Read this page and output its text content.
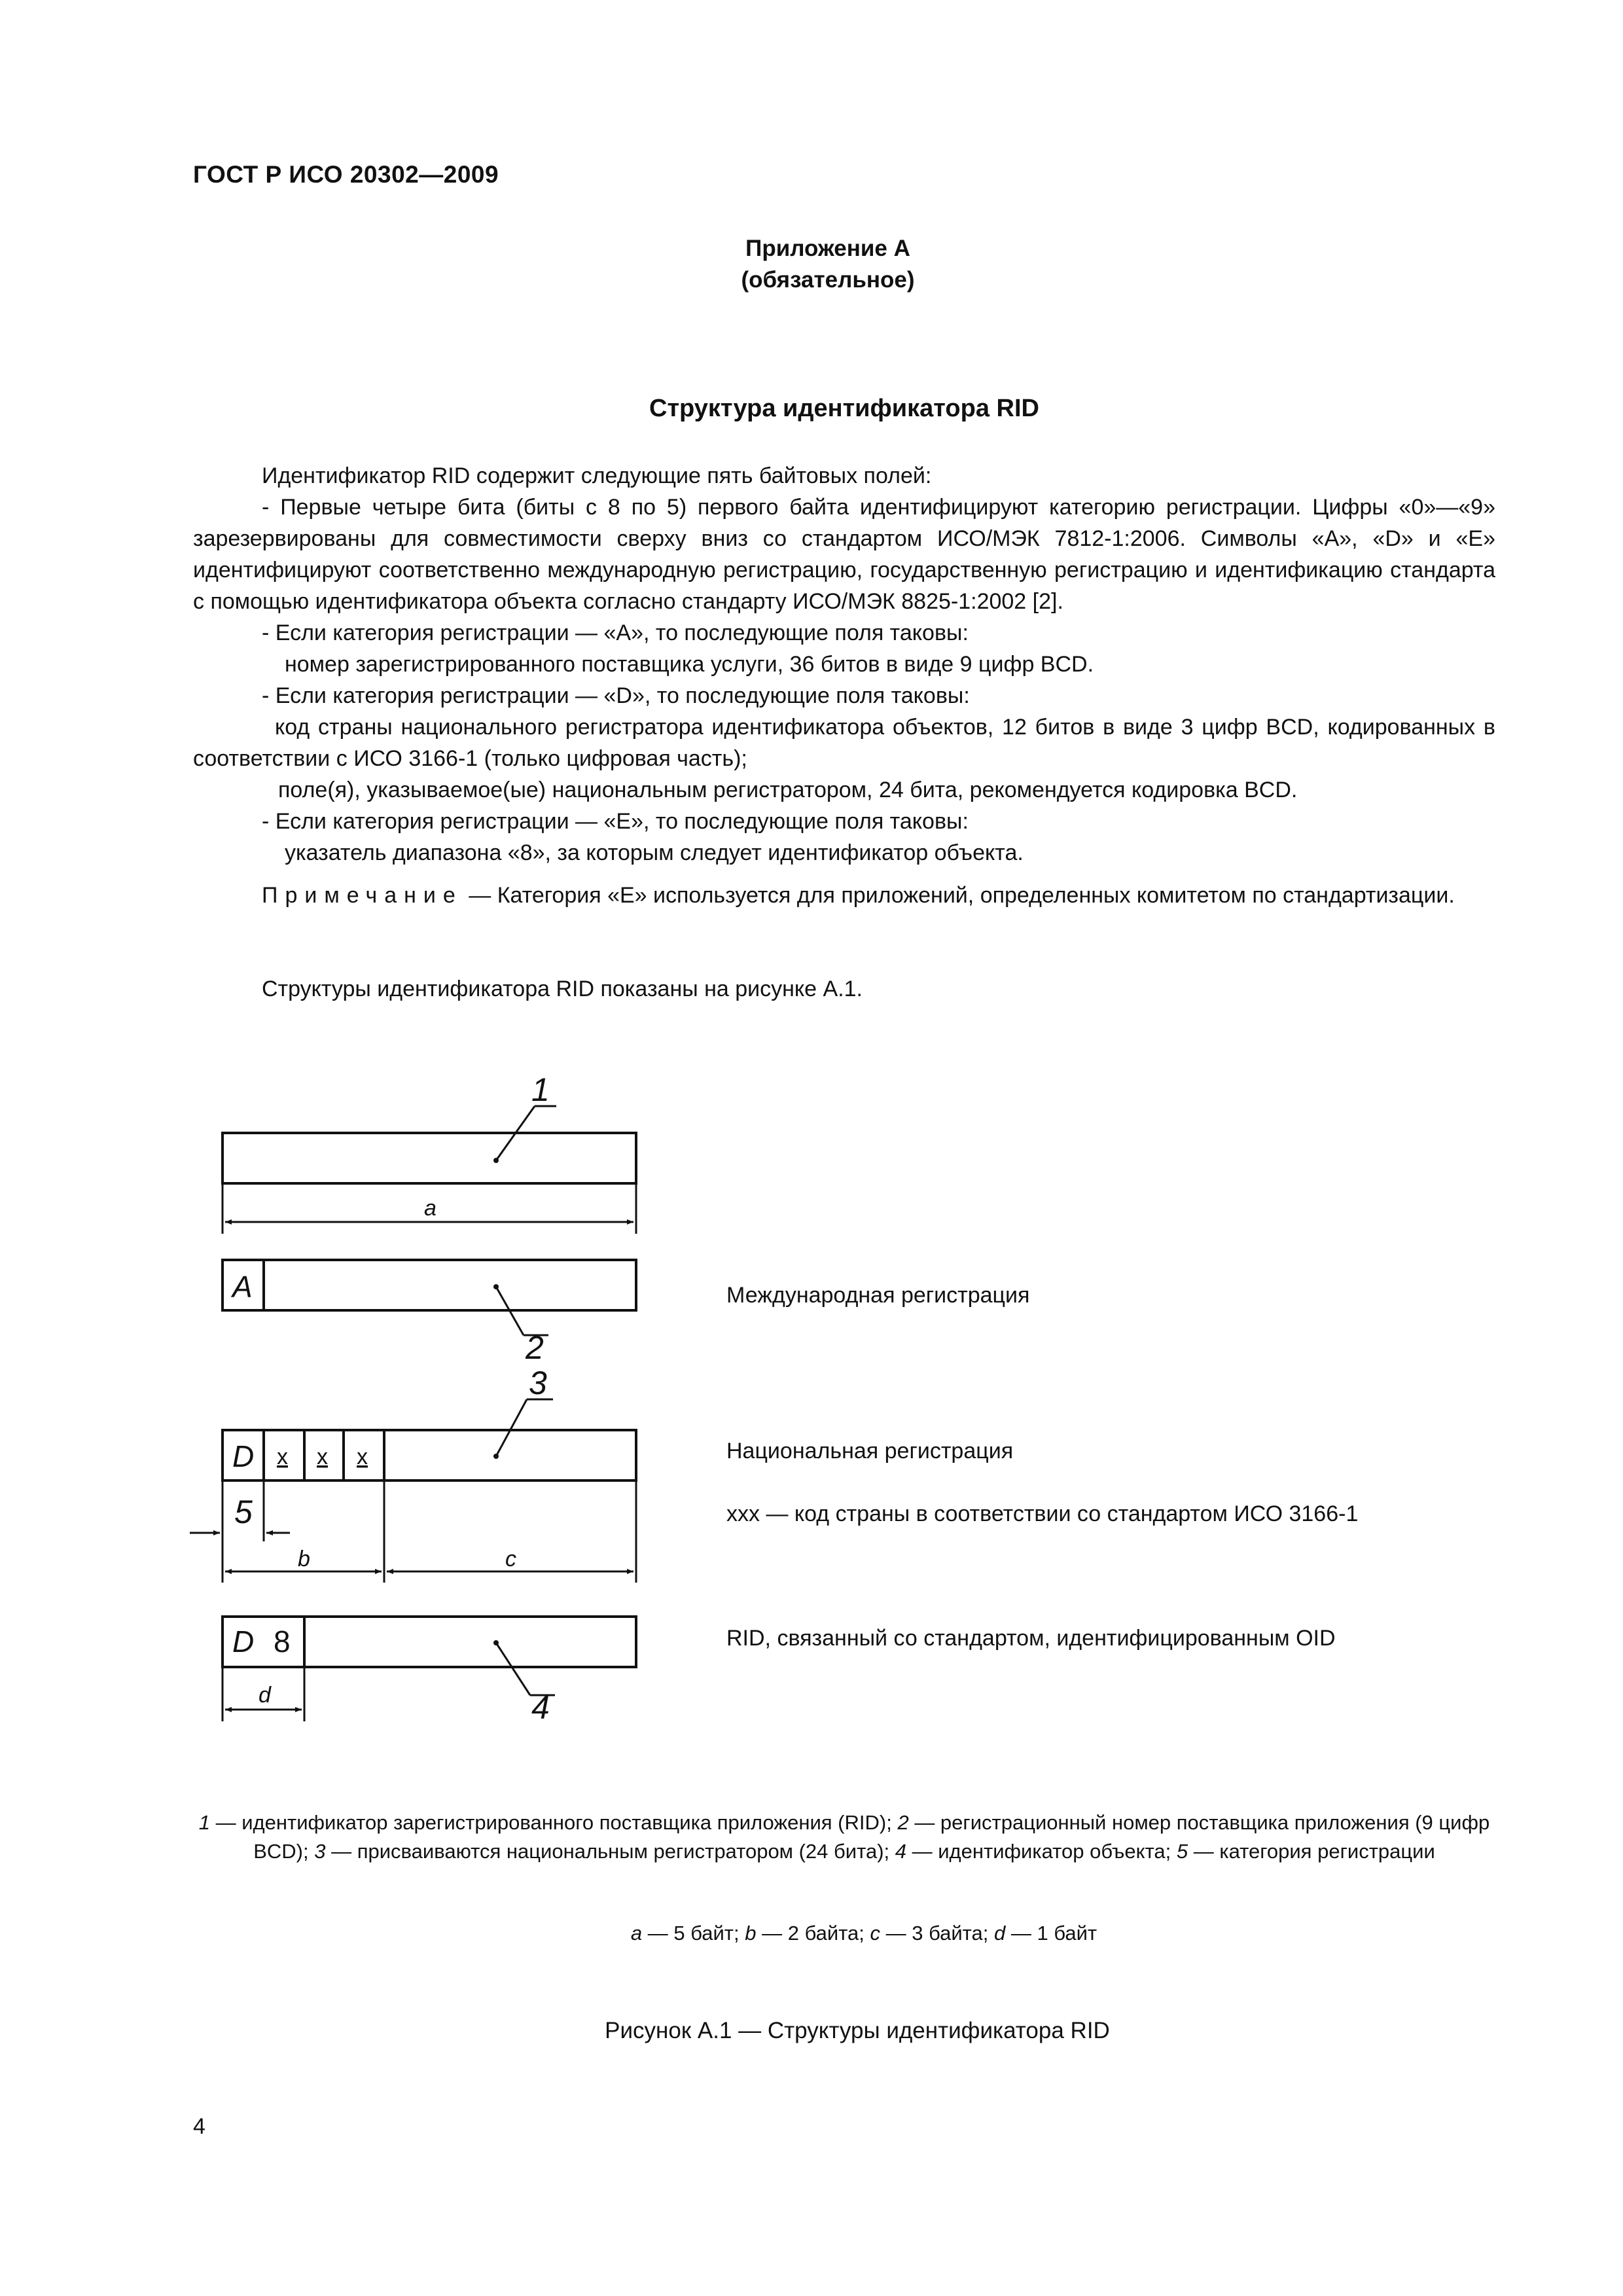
ГОСТ Р ИСО 20302—2009
Приложение А
(обязательное)
Структура идентификатора RID

Идентификатор RID содержит следующие пять байтовых полей:

- Первые четыре бита (биты с 8 по 5) первого байта идентифицируют категорию регистрации. Цифры «0»—«9» зарезервированы для совместимости сверху вниз со стандартом ИСО/МЭК 7812-1:2006. Символы «А», «D» и «Е» идентифицируют соответственно международную регистрацию, государственную регистрацию и идентификацию стандарта с помощью идентификатора объекта согласно стандарту ИСО/МЭК 8825-1:2002 [2].

- Если категория регистрации — «А», то последующие поля таковы:

номер зарегистрированного поставщика услуги, 36 битов в виде 9 цифр BCD.

- Если категория регистрации — «D», то последующие поля таковы:

код страны национального регистратора идентификатора объектов, 12 битов в виде 3 цифр BCD, кодированных в соответствии с ИСО 3166-1 (только цифровая часть);

поле(я), указываемое(ые) национальным регистратором, 24 бита, рекомендуется кодировка BCD.

- Если категория регистрации — «Е», то последующие поля таковы:

указатель диапазона «8», за которым следует идентификатор объекта.

Примечание — Категория «Е» используется для приложений, определенных комитетом по стандартизации.

Структуры идентификатора RID показаны на рисунке А.1.

1
2
3
4
5
A
D x x x
D 8
a
b	c
d
Международная регистрация
Национальная регистрация
xxx — код страны в соответствии со стандартом ИСО 3166-1
RID, связанный со стандартом, идентифицированным OID

1 — идентификатор зарегистрированного поставщика приложения (RID); 2 — регистрационный номер поставщика приложения (9 цифр BCD); 3 — присваиваются национальным регистратором (24 бита); 4 — идентификатор объекта; 5 — категория регистрации

a — 5 байт; b — 2 байта; c — 3 байта; d — 1 байт
Рисунок А.1 — Структуры идентификатора RID
4
